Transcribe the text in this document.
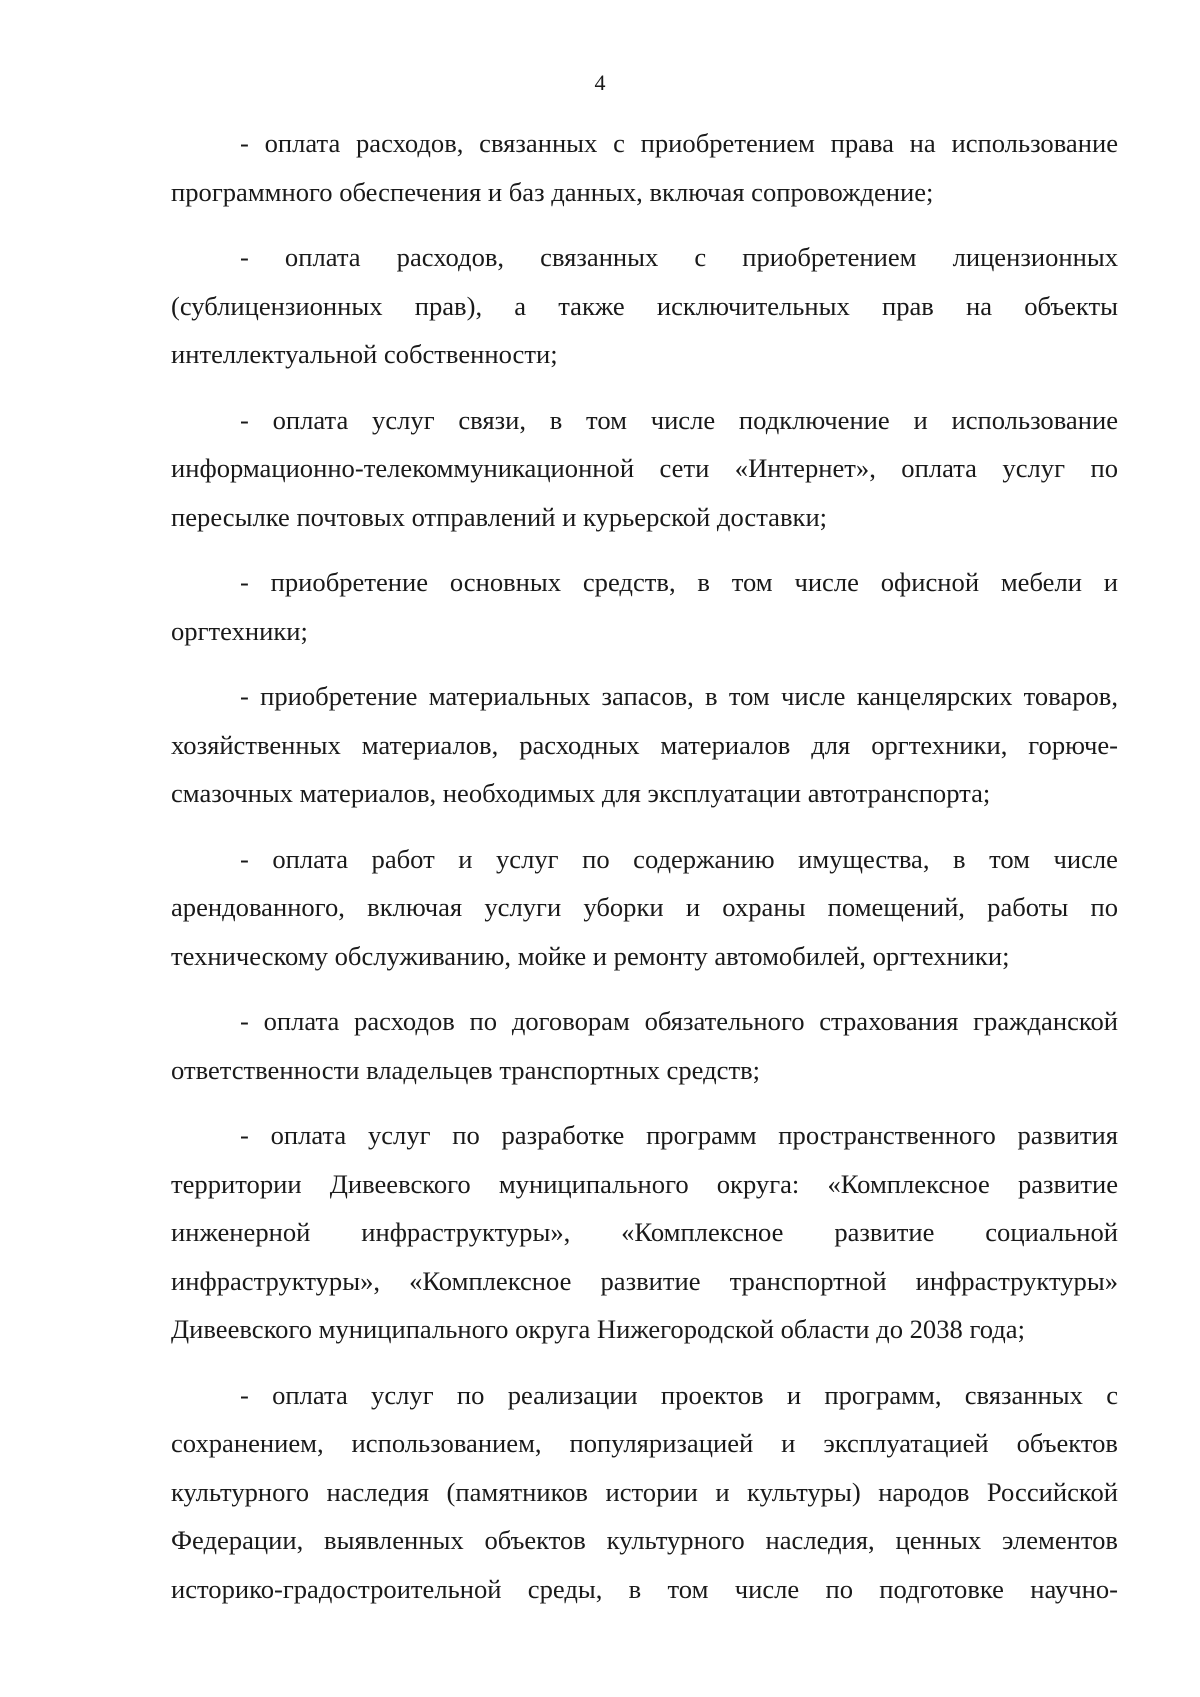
4

- оплата расходов, связанных с приобретением права на использование программного обеспечения и баз данных, включая сопровождение;

- оплата расходов, связанных с приобретением лицензионных (сублицензионных прав), а также исключительных прав на объекты интеллектуальной собственности;

- оплата услуг связи, в том числе подключение и использование информационно-телекоммуникационной сети «Интернет», оплата услуг по пересылке почтовых отправлений и курьерской доставки;

- приобретение основных средств, в том числе офисной мебели и оргтехники;

- приобретение материальных запасов, в том числе канцелярских товаров, хозяйственных материалов, расходных материалов для оргтехники, горюче-смазочных материалов, необходимых для эксплуатации автотранспорта;

- оплата работ и услуг по содержанию имущества, в том числе арендованного, включая услуги уборки и охраны помещений, работы по техническому обслуживанию, мойке и ремонту автомобилей, оргтехники;

- оплата расходов по договорам обязательного страхования гражданской ответственности владельцев транспортных средств;

- оплата услуг по разработке программ пространственного развития территории Дивеевского муниципального округа: «Комплексное развитие инженерной инфраструктуры», «Комплексное развитие социальной инфраструктуры», «Комплексное развитие транспортной инфраструктуры» Дивеевского муниципального округа Нижегородской области до 2038 года;

- оплата услуг по реализации проектов и программ, связанных с сохранением, использованием, популяризацией и эксплуатацией объектов культурного наследия (памятников истории и культуры) народов Российской Федерации, выявленных объектов культурного наследия, ценных элементов историко-градостроительной среды, в том числе по подготовке научно-
